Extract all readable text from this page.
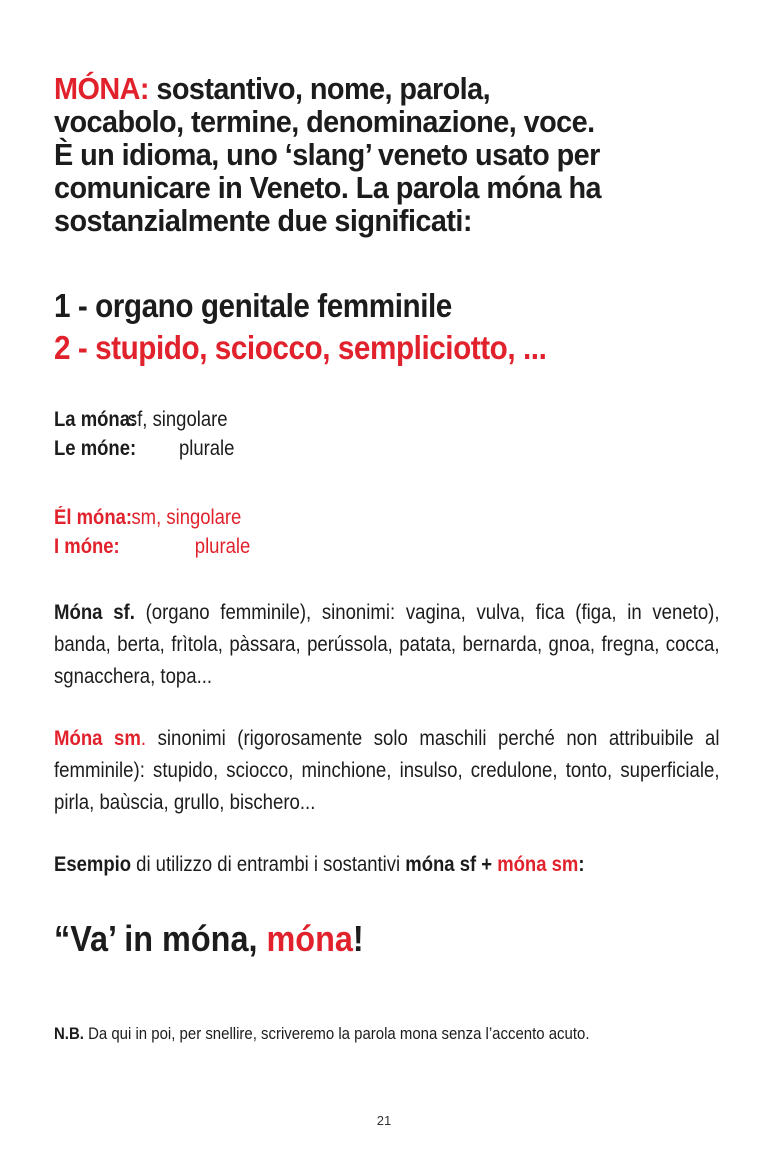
MÓNA: sostantivo, nome, parola,
vocabolo, termine, denominazione, voce.
È un idioma, uno ‘slang’ veneto usato per
comunicare in Veneto. La parola móna ha
sostanzialmente due significati:
1 - organo genitale femminile
2 - stupido, sciocco, sempliciotto, ...
La móna:sf, singolare
Le móne: plurale
Él móna:sm, singolare
I móne:	plurale
Móna sf. (organo femminile), sinonimi: vagina, vulva, fica (figa, in veneto), banda, berta, frìtola, pàssara, perússola, patata, bernarda, gnoa, fregna, cocca, sgnacchera, topa...
Móna sm. sinonimi (rigorosamente solo maschili perché non attribuibile al femminile): stupido, sciocco, minchione, insulso, credulone, tonto, superficiale, pirla, baùscia, grullo, bischero...
Esempio di utilizzo di entrambi i sostantivi móna sf + móna sm:
“Va’ in móna, móna!
N.B. Da qui in poi, per snellire, scriveremo la parola mona senza l’accento acuto.
21
